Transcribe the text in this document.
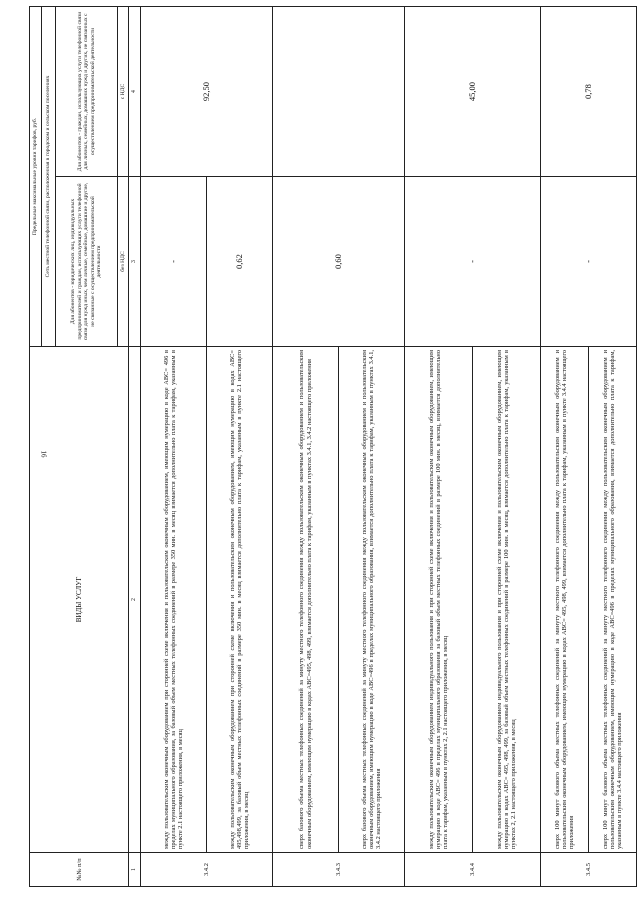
16
№№ п/п	ВИДЫ УСЛУГ	Предельные максимальные уровни тарифов, руб.	
		Сеть местной телефонной связи, расположенная в городском и сельском поселениях	
		Для абонентов - юридических лиц, индивидуальных предпринимателей и граждан, использующих услуги телефонной связи для нужд иных, чем личные, семейные, домашние и другие, не связанные с осуществлением предпринимательской деятельности	Для абонентов - граждан, использующих услуги телефонной связи для личных, семейных, домашних нужд и других, не связанных с осуществлением предпринимательской деятельности
		без НДС	с НДС
1	2	3	4
3.4.2	между пользовательским оконечным оборудованием при сторонней схеме включения и пользовательским оконечным оборудованием, имеющим нумерацию в коде АВС= 496 в пределах муниципального образования, за базовый объем местных телефонных соединений в размере 350 мин. в месяц взимается дополнительно плата к тарифам, указанным в пункте 2.1 настоящего приложения, в месяц	-	92,50
	между пользовательским оконечным оборудованием при сторонней схеме включения и пользовательским оконечным оборудованием, имеющим нумерацию в кодах АВС= 495,498,499, за базовый объем местных телефонных соединений в размере 350 мин. в месяц взимается дополнительно плата к тарифам, указанным в пункте 2.1 настоящего приложения, в месяц	0,62	
3.4.3	сверх базового объема местных телефонных соединений за минуту местного телефонного соединения между пользовательским оконечным оборудованием и пользовательским оконечным оборудованием, имеющим нумерацию в кодах АВС=495, 498, 499, взимается дополнительно плата к тарифам, указанным в пунктах 3.4.1, 3.4.2 настоящего приложения	0,60	
	сверх базового объема местных телефонных соединений за минуту местного телефонного соединения между пользовательским оконечным оборудованием и пользовательским оконечным оборудованием, имеющим нумерацию в коде АВС=496 в пределах муниципального образования, взимается дополнительно плата к тарифам, указанным в пунктах 3.4.1, 3.4.2 настоящего приложения		
3.4.4	между пользовательским оконечным оборудованием индивидуального пользования и при сторонней схеме включения и пользовательским оконечным оборудованием, имеющим нумерацию в коде АВС= 496 в пределах муниципального образования за базовый объем местных телефонных соединений в размере 100 мин. в месяц, взимается дополнительно плата к тарифам, указанным в пунктах 2, 2.1 настоящего приложения, в месяц	-	45,00
	между пользовательским оконечным оборудованием индивидуального пользования и при сторонней схеме включения и пользовательским оконечным оборудованием, имеющим нумерацию в кодах АВС= 495, 498, 499, за базовый объем местных телефонных соединений в размере 100 мин. в месяц, взимается дополнительно плата к тарифам, указанным в пунктах 2, 2.1 настоящего приложения, в месяц		
3.4.5	сверх 100 минут базового объема местных телефонных соединений за минуту местного телефонного соединения между пользовательским оконечным оборудованием и пользовательским оконечным оборудованием, имеющим нумерацию в кодах АВС= 495, 498, 499, взимается дополнительно плата к тарифам, указанным в пункте 3.4.4 настоящего приложения	-	0,78
	сверх 100 минут базового объема местных телефонных соединений за минуту местного телефонного соединения между пользовательским оконечным оборудованием и пользовательским оконечным оборудованием, имеющим нумерацию в коде АВС=496 в пределах муниципального образования, взимается дополнительно плата к тарифам, указанным в пункте 3.4.4 настоящего приложения		
